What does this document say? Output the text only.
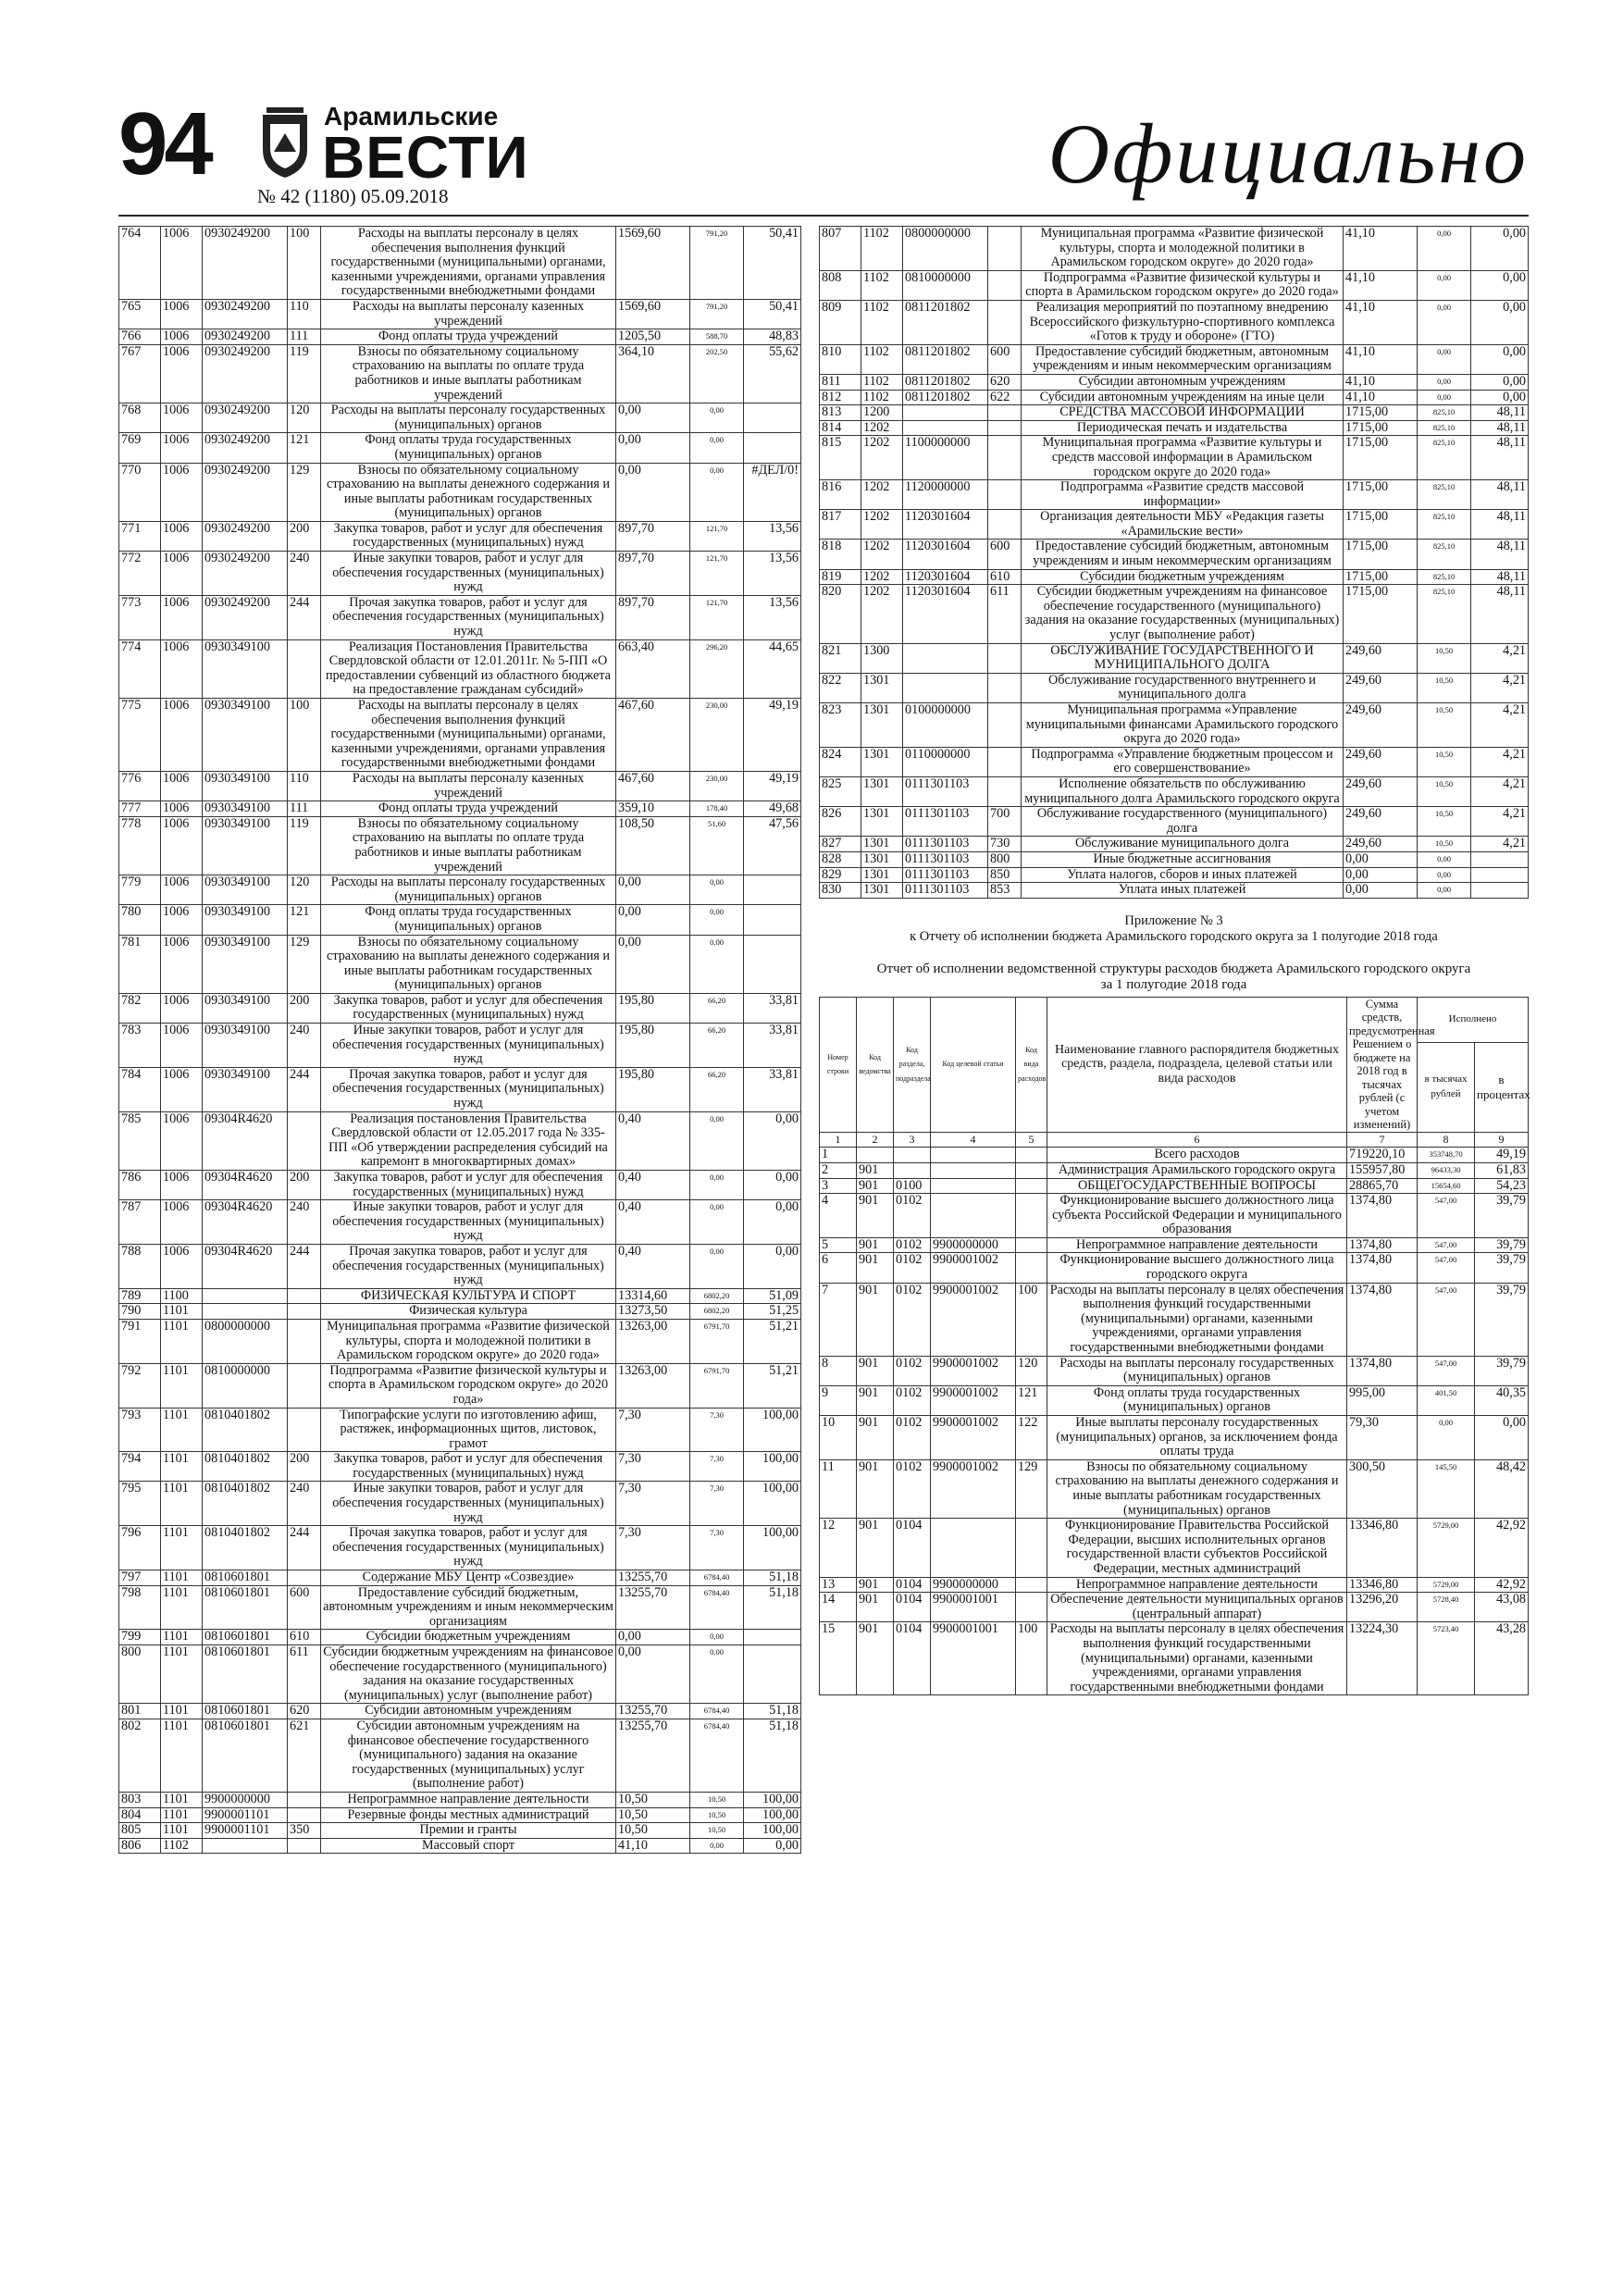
94	Арамильские
ВЕСТИ
№ 42 (1180) 05.09.2018	Официально
764	1006	0930249200	100	Расходы на выплаты персоналу в целях обеспечения выполнения функций государственными (муниципальными) органами, казенными учреждениями, органами управления государственными внебюджетными фондами	1569,60	791,20	50,41
765	1006	0930249200	110	Расходы на выплаты персоналу казенных учреждений	1569,60	791,20	50,41
766	1006	0930249200	111	Фонд оплаты труда учреждений	1205,50	588,70	48,83
767	1006	0930249200	119	Взносы по обязательному социальному страхованию на выплаты по оплате труда работников и иные выплаты работникам учреждений	364,10	202,50	55,62
768	1006	0930249200	120	Расходы на выплаты персоналу государственных (муниципальных) органов	0,00	0,00	
769	1006	0930249200	121	Фонд оплаты труда государственных (муниципальных) органов	0,00	0,00	
770	1006	0930249200	129	Взносы по обязательному социальному страхованию на выплаты денежного содержания и иные выплаты работникам государственных (муниципальных) органов	0,00	0,00	#ДЕЛ/0!
771	1006	0930249200	200	Закупка товаров, работ и услуг для обеспечения государственных (муниципальных) нужд	897,70	121,70	13,56
772	1006	0930249200	240	Иные закупки товаров, работ и услуг для обеспечения государственных (муниципальных) нужд	897,70	121,70	13,56
773	1006	0930249200	244	Прочая закупка товаров, работ и услуг для обеспечения государственных (муниципальных) нужд	897,70	121,70	13,56
774	1006	0930349100		Реализация Постановления Правительства Свердловской области от 12.01.2011г. № 5-ПП «О предоставлении субвенций из областного бюджета на предоставление гражданам субсидий»	663,40	296,20	44,65
775	1006	0930349100	100	Расходы на выплаты персоналу в целях обеспечения выполнения функций государственными (муниципальными) органами, казенными учреждениями, органами управления государственными внебюджетными фондами	467,60	230,00	49,19
776	1006	0930349100	110	Расходы на выплаты персоналу казенных учреждений	467,60	230,00	49,19
777	1006	0930349100	111	Фонд оплаты труда учреждений	359,10	178,40	49,68
778	1006	0930349100	119	Взносы по обязательному социальному страхованию на выплаты по оплате труда работников и иные выплаты работникам учреждений	108,50	51,60	47,56
779	1006	0930349100	120	Расходы на выплаты персоналу государственных (муниципальных) органов	0,00	0,00	
780	1006	0930349100	121	Фонд оплаты труда государственных (муниципальных) органов	0,00	0,00	
781	1006	0930349100	129	Взносы по обязательному социальному страхованию на выплаты денежного содержания и иные выплаты работникам государственных (муниципальных) органов	0,00	0,00	
782	1006	0930349100	200	Закупка товаров, работ и услуг для обеспечения государственных (муниципальных) нужд	195,80	66,20	33,81
783	1006	0930349100	240	Иные закупки товаров, работ и услуг для обеспечения государственных (муниципальных) нужд	195,80	66,20	33,81
784	1006	0930349100	244	Прочая закупка товаров, работ и услуг для обеспечения государственных (муниципальных) нужд	195,80	66,20	33,81
785	1006	09304R4620		Реализация постановления Правительства Свердловской области от 12.05.2017 года № 335-ПП «Об утверждении распределения субсидий на капремонт в многоквартирных домах»	0,40	0,00	0,00
786	1006	09304R4620	200	Закупка товаров, работ и услуг для обеспечения государственных (муниципальных) нужд	0,40	0,00	0,00
787	1006	09304R4620	240	Иные закупки товаров, работ и услуг для обеспечения государственных (муниципальных) нужд	0,40	0,00	0,00
788	1006	09304R4620	244	Прочая закупка товаров, работ и услуг для обеспечения государственных (муниципальных) нужд	0,40	0,00	0,00
789	1100			ФИЗИЧЕСКАЯ КУЛЬТУРА И СПОРТ	13314,60	6802,20	51,09
790	1101			Физическая культура	13273,50	6802,20	51,25
791	1101	0800000000		Муниципальная программа «Развитие физической культуры, спорта и молодежной политики в Арамильском городском округе» до 2020 года»	13263,00	6791,70	51,21
792	1101	0810000000		Подпрограмма «Развитие физической культуры и спорта в Арамильском городском округе» до 2020 года»	13263,00	6791,70	51,21
793	1101	0810401802		Типографские услуги по изготовлению афиш, растяжек, информационных щитов, листовок, грамот	7,30	7,30	100,00
794	1101	0810401802	200	Закупка товаров, работ и услуг для обеспечения государственных (муниципальных) нужд	7,30	7,30	100,00
795	1101	0810401802	240	Иные закупки товаров, работ и услуг для обеспечения государственных (муниципальных) нужд	7,30	7,30	100,00
796	1101	0810401802	244	Прочая закупка товаров, работ и услуг для обеспечения государственных (муниципальных) нужд	7,30	7,30	100,00
797	1101	0810601801		Содержание МБУ Центр «Созвездие»	13255,70	6784,40	51,18
798	1101	0810601801	600	Предоставление субсидий бюджетным, автономным учреждениям и иным некоммерческим организациям	13255,70	6784,40	51,18
799	1101	0810601801	610	Субсидии бюджетным учреждениям	0,00	0,00	
800	1101	0810601801	611	Субсидии бюджетным учреждениям на финансовое обеспечение государственного (муниципального) задания на оказание государственных (муниципальных) услуг (выполнение работ)	0,00	0,00	
801	1101	0810601801	620	Субсидии автономным учреждениям	13255,70	6784,40	51,18
802	1101	0810601801	621	Субсидии автономным учреждениям на финансовое обеспечение государственного (муниципального) задания на оказание государственных (муниципальных) услуг (выполнение работ)	13255,70	6784,40	51,18
803	1101	9900000000		Непрограммное направление деятельности	10,50	10,50	100,00
804	1101	9900001101		Резервные фонды местных администраций	10,50	10,50	100,00
805	1101	9900001101	350	Премии и гранты	10,50	10,50	100,00
806	1102			Массовый спорт	41,10	0,00	0,00
807	1102	0800000000		Муниципальная программа «Развитие физической культуры, спорта и молодежной политики в Арамильском городском округе» до 2020 года»	41,10	0,00	0,00
808	1102	0810000000		Подпрограмма «Развитие физической культуры и спорта в Арамильском городском округе» до 2020 года»	41,10	0,00	0,00
809	1102	0811201802		Реализация мероприятий по поэтапному внедрению Всероссийского физкультурно-спортивного комплекса «Готов к труду и обороне» (ГТО)	41,10	0,00	0,00
810	1102	0811201802	600	Предоставление субсидий бюджетным, автономным учреждениям и иным некоммерческим организациям	41,10	0,00	0,00
811	1102	0811201802	620	Субсидии автономным учреждениям	41,10	0,00	0,00
812	1102	0811201802	622	Субсидии автономным учреждениям на иные цели	41,10	0,00	0,00
813	1200			СРЕДСТВА МАССОВОЙ ИНФОРМАЦИИ	1715,00	825,10	48,11
814	1202			Периодическая печать и издательства	1715,00	825,10	48,11
815	1202	1100000000		Муниципальная программа «Развитие культуры и средств массовой информации в Арамильском городском округе до 2020 года»	1715,00	825,10	48,11
816	1202	1120000000		Подпрограмма «Развитие средств массовой информации»	1715,00	825,10	48,11
817	1202	1120301604		Организация деятельности МБУ «Редакция газеты «Арамильские вести»	1715,00	825,10	48,11
818	1202	1120301604	600	Предоставление субсидий бюджетным, автономным учреждениям и иным некоммерческим организациям	1715,00	825,10	48,11
819	1202	1120301604	610	Субсидии бюджетным учреждениям	1715,00	825,10	48,11
820	1202	1120301604	611	Субсидии бюджетным учреждениям на финансовое обеспечение государственного (муниципального) задания на оказание государственных (муниципальных) услуг (выполнение работ)	1715,00	825,10	48,11
821	1300			ОБСЛУЖИВАНИЕ ГОСУДАРСТВЕННОГО И МУНИЦИПАЛЬНОГО ДОЛГА	249,60	10,50	4,21
822	1301			Обслуживание государственного внутреннего и муниципального долга	249,60	10,50	4,21
823	1301	0100000000		Муниципальная программа «Управление муниципальными финансами Арамильского городского округа до 2020 года»	249,60	10,50	4,21
824	1301	0110000000		Подпрограмма «Управление бюджетным процессом и его совершенствование»	249,60	10,50	4,21
825	1301	0111301103		Исполнение обязательств по обслуживанию муниципального долга Арамильского городского округа	249,60	10,50	4,21
826	1301	0111301103	700	Обслуживание государственного (муниципального) долга	249,60	10,50	4,21
827	1301	0111301103	730	Обслуживание муниципального долга	249,60	10,50	4,21
828	1301	0111301103	800	Иные бюджетные ассигнования	0,00	0,00	
829	1301	0111301103	850	Уплата налогов, сборов и иных платежей	0,00	0,00	
830	1301	0111301103	853	Уплата иных платежей	0,00	0,00	
Приложение № 3
к Отчету об исполнении бюджета Арамильского городского округа за 1 полугодие 2018 года
Отчет об исполнении ведомственной структуры расходов бюджета Арамильского городского округа
за 1 полугодие 2018 года
Номер строки	Код ведомства	Код раздела, подраздела	Код целевой статьи	Код вида расходов	Наименование главного распорядителя бюджетных средств, раздела, подраздела, целевой статьи или вида расходов	Сумма средств, предусмотренная Решением о бюджете на 2018 год в тысячах рублей (с учетом изменений)	Исполнено	
							в тысячах рублей	в процентах
1	2	3	4	5	6	7	8	9
1					Всего расходов	719220,10	353748,70	49,19
2	901				Администрация Арамильского городского округа	155957,80	96433,30	61,83
3	901	0100			ОБЩЕГОСУДАРСТВЕННЫЕ ВОПРОСЫ	28865,70	15654,60	54,23
4	901	0102			Функционирование высшего должностного лица субъекта Российской Федерации и муниципального образования	1374,80	547,00	39,79
5	901	0102	9900000000		Непрограммное направление деятельности	1374,80	547,00	39,79
6	901	0102	9900001002		Функционирование высшего должностного лица городского округа	1374,80	547,00	39,79
7	901	0102	9900001002	100	Расходы на выплаты персоналу в целях обеспечения выполнения функций государственными (муниципальными) органами, казенными учреждениями, органами управления государственными внебюджетными фондами	1374,80	547,00	39,79
8	901	0102	9900001002	120	Расходы на выплаты персоналу государственных (муниципальных) органов	1374,80	547,00	39,79
9	901	0102	9900001002	121	Фонд оплаты труда государственных (муниципальных) органов	995,00	401,50	40,35
10	901	0102	9900001002	122	Иные выплаты персоналу государственных (муниципальных) органов, за исключением фонда оплаты труда	79,30	0,00	0,00
11	901	0102	9900001002	129	Взносы по обязательному социальному страхованию на выплаты денежного содержания и иные выплаты работникам государственных (муниципальных) органов	300,50	145,50	48,42
12	901	0104			Функционирование Правительства Российской Федерации, высших исполнительных органов государственной власти субъектов Российской Федерации, местных администраций	13346,80	5729,00	42,92
13	901	0104	9900000000		Непрограммное направление деятельности	13346,80	5729,00	42,92
14	901	0104	9900001001		Обеспечение деятельности муниципальных органов (центральный аппарат)	13296,20	5728,40	43,08
15	901	0104	9900001001	100	Расходы на выплаты персоналу в целях обеспечения выполнения функций государственными (муниципальными) органами, казенными учреждениями, органами управления государственными внебюджетными фондами	13224,30	5723,40	43,28
